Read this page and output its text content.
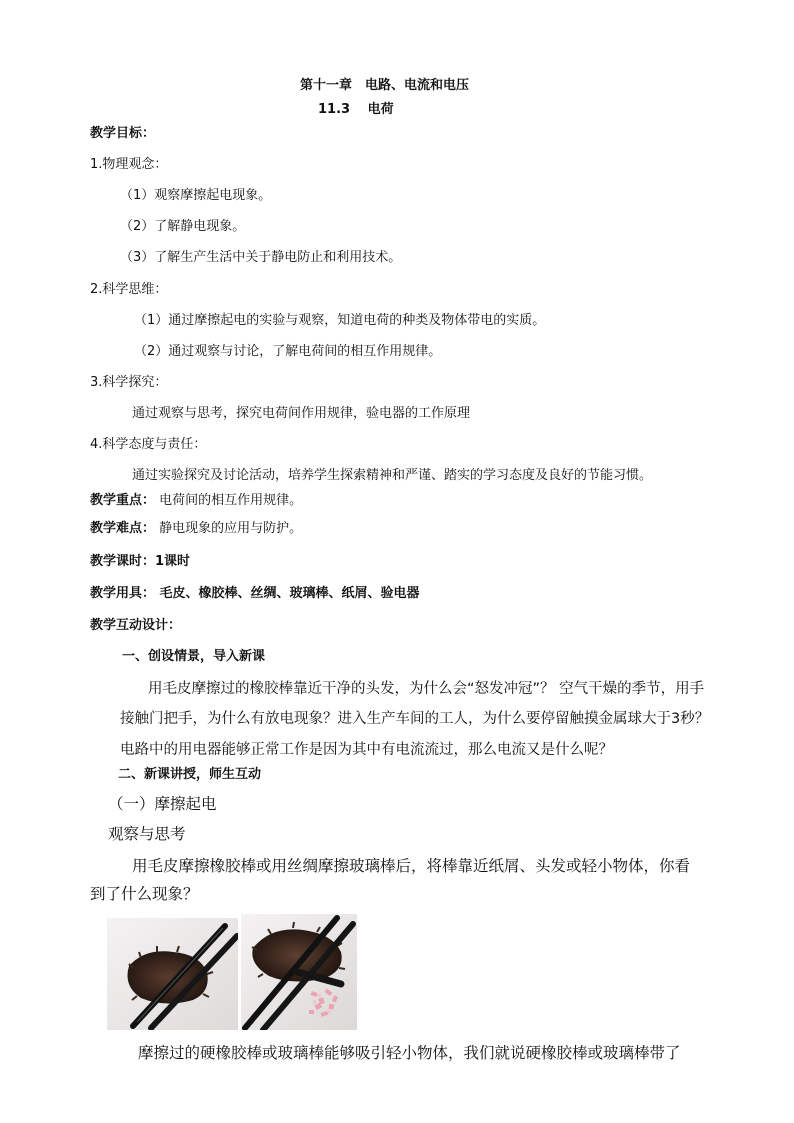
第十一章　电路、电流和电压
11.3　 电荷
教学目标：
1.物理观念：
（1）观察摩擦起电现象。
（2）了解静电现象。
（3）了解生产生活中关于静电防止和利用技术。
2.科学思维：
（1）通过摩擦起电的实验与观察，知道电荷的种类及物体带电的实质。
（2）通过观察与讨论，了解电荷间的相互作用规律。
3.科学探究：
通过观察与思考，探究电荷间作用规律，验电器的工作原理
4.科学态度与责任：
通过实验探究及讨论活动，培养学生探索精神和严谨、踏实的学习态度及良好的节能习惯。
教学重点： 电荷间的相互作用规律。
教学难点： 静电现象的应用与防护。
教学课时：1课时
教学用具： 毛皮、橡胶棒、丝绸、玻璃棒、纸屑、验电器
教学互动设计：
一、创设情景，导入新课
用毛皮摩擦过的橡胶棒靠近干净的头发，为什么会“怒发冲冠”？ 空气干燥的季节，用手
接触门把手，为什么有放电现象？进入生产车间的工人，为什么要停留触摸金属球大于3秒？
电路中的用电器能够正常工作是因为其中有电流流过，那么电流又是什么呢？
二、新课讲授，师生互动
（一）摩擦起电
观察与思考
用毛皮摩擦橡胶棒或用丝绸摩擦玻璃棒后，将棒靠近纸屑、头发或轻小物体，你看
到了什么现象？
摩擦过的硬橡胶棒或玻璃棒能够吸引轻小物体，我们就说硬橡胶棒或玻璃棒带了
